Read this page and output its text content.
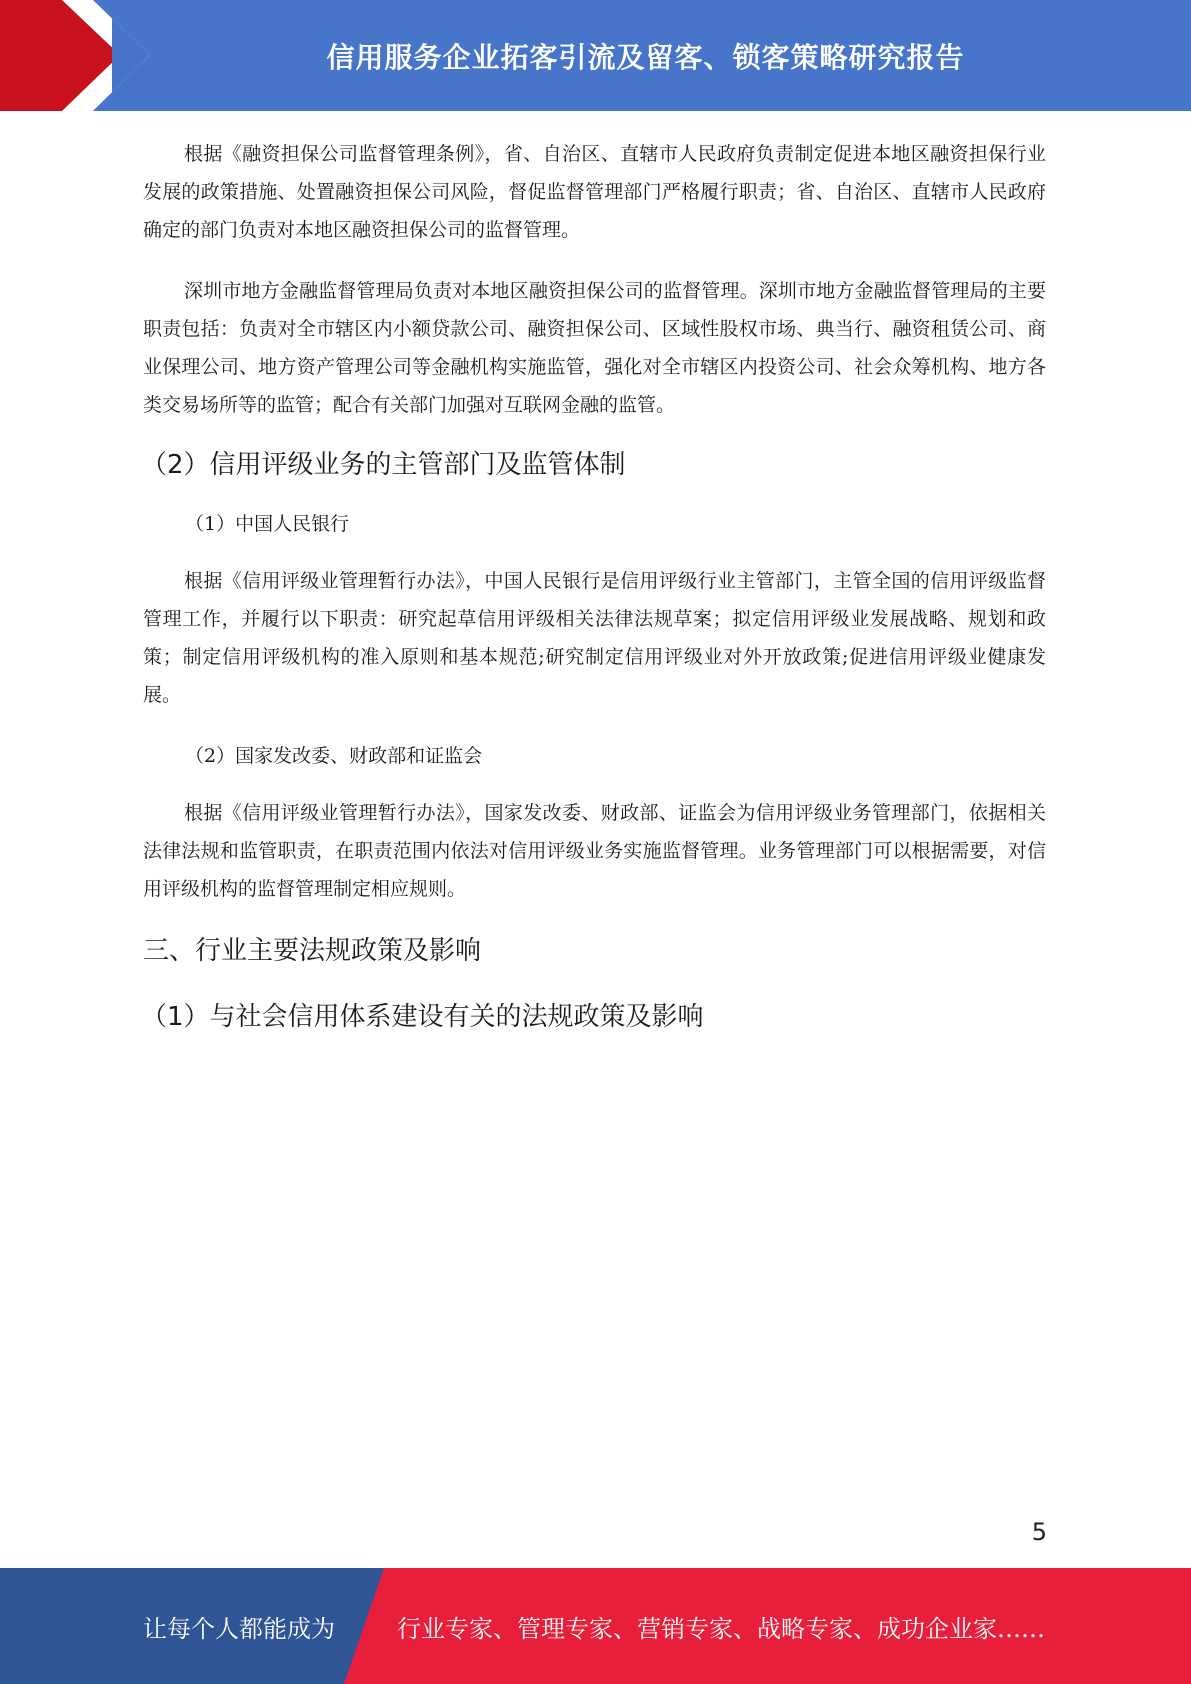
信用服务企业拓客引流及留客、锁客策略研究报告

根据《融资担保公司监督管理条例》，省、自治区、直辖市人民政府负责制定促进本地区融资担保行业发展的政策措施、处置融资担保公司风险，督促监督管理部门严格履行职责；省、自治区、直辖市人民政府确定的部门负责对本地区融资担保公司的监督管理。

深圳市地方金融监督管理局负责对本地区融资担保公司的监督管理。深圳市地方金融监督管理局的主要职责包括：负责对全市辖区内小额贷款公司、融资担保公司、区域性股权市场、典当行、融资租赁公司、商业保理公司、地方资产管理公司等金融机构实施监管，强化对全市辖区内投资公司、社会众筹机构、地方各类交易场所等的监管；配合有关部门加强对互联网金融的监管。

（2）信用评级业务的主管部门及监管体制
（1）中国人民银行

根据《信用评级业管理暂行办法》，中国人民银行是信用评级行业主管部门，主管全国的信用评级监督管理工作，并履行以下职责：研究起草信用评级相关法律法规草案；拟定信用评级业发展战略、规划和政策；制定信用评级机构的准入原则和基本规范;研究制定信用评级业对外开放政策;促进信用评级业健康发展。

（2）国家发改委、财政部和证监会

根据《信用评级业管理暂行办法》，国家发改委、财政部、证监会为信用评级业务管理部门，依据相关法律法规和监管职责，在职责范围内依法对信用评级业务实施监督管理。业务管理部门可以根据需要，对信用评级机构的监督管理制定相应规则。

三、行业主要法规政策及影响
（1）与社会信用体系建设有关的法规政策及影响
5
让每个人都能成为	行业专家、管理专家、营销专家、战略专家、成功企业家……
